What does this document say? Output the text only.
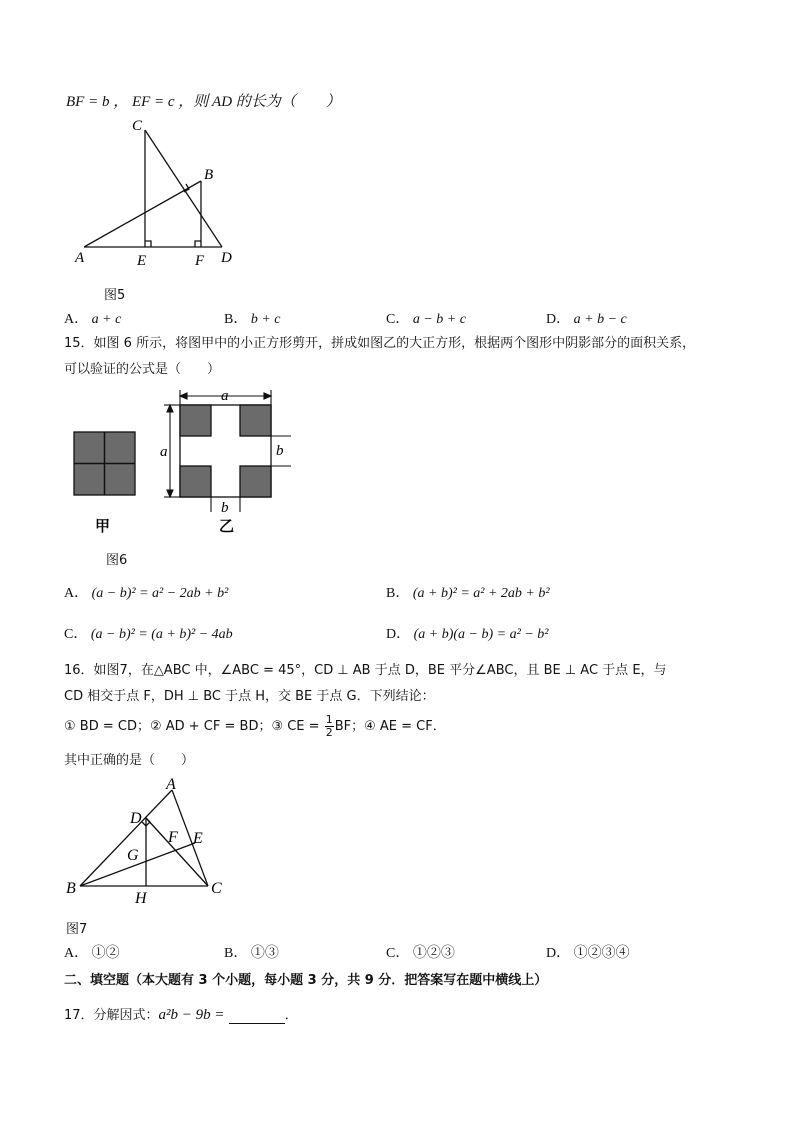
BF = b ， EF = c ，则 AD 的长为（　　）
C
B
A	E	F D
图5
A． a + c	B． b + c	C． a − b + c	D． a + b − c
15．如图 6 所示，将图甲中的小正方形剪开，拼成如图乙的大正方形，根据两个图形中阴影部分的面积关系，
可以验证的公式是（　　）
a
a	b
b
甲	乙
图6
A． (a − b)² = a² − 2ab + b²	B． (a + b)² = a² + 2ab + b²
C． (a − b)² = (a + b)² − 4ab	D． (a + b)(a − b) = a² − b²
16．如图7，在△ABC 中，∠ABC = 45°，CD ⊥ AB 于点 D，BE 平分∠ABC，且 BE ⊥ AC 于点 E，与
CD 相交于点 F，DH ⊥ BC 于点 H，交 BE 于点 G．下列结论：
① BD = CD；② AD + CF = BD；③ CE = $\frac{1}{2}$ BF；④ AE = CF．
其中正确的是（　　）
A
D
F E
G
B
H
C
图7
A． ①②	B． ①③	C． ①②③	D． ①②③④
二、填空题（本大题有 3 个小题，每小题 3 分，共 9 分．把答案写在题中横线上）
17．分解因式：a²b − 9b =	．
